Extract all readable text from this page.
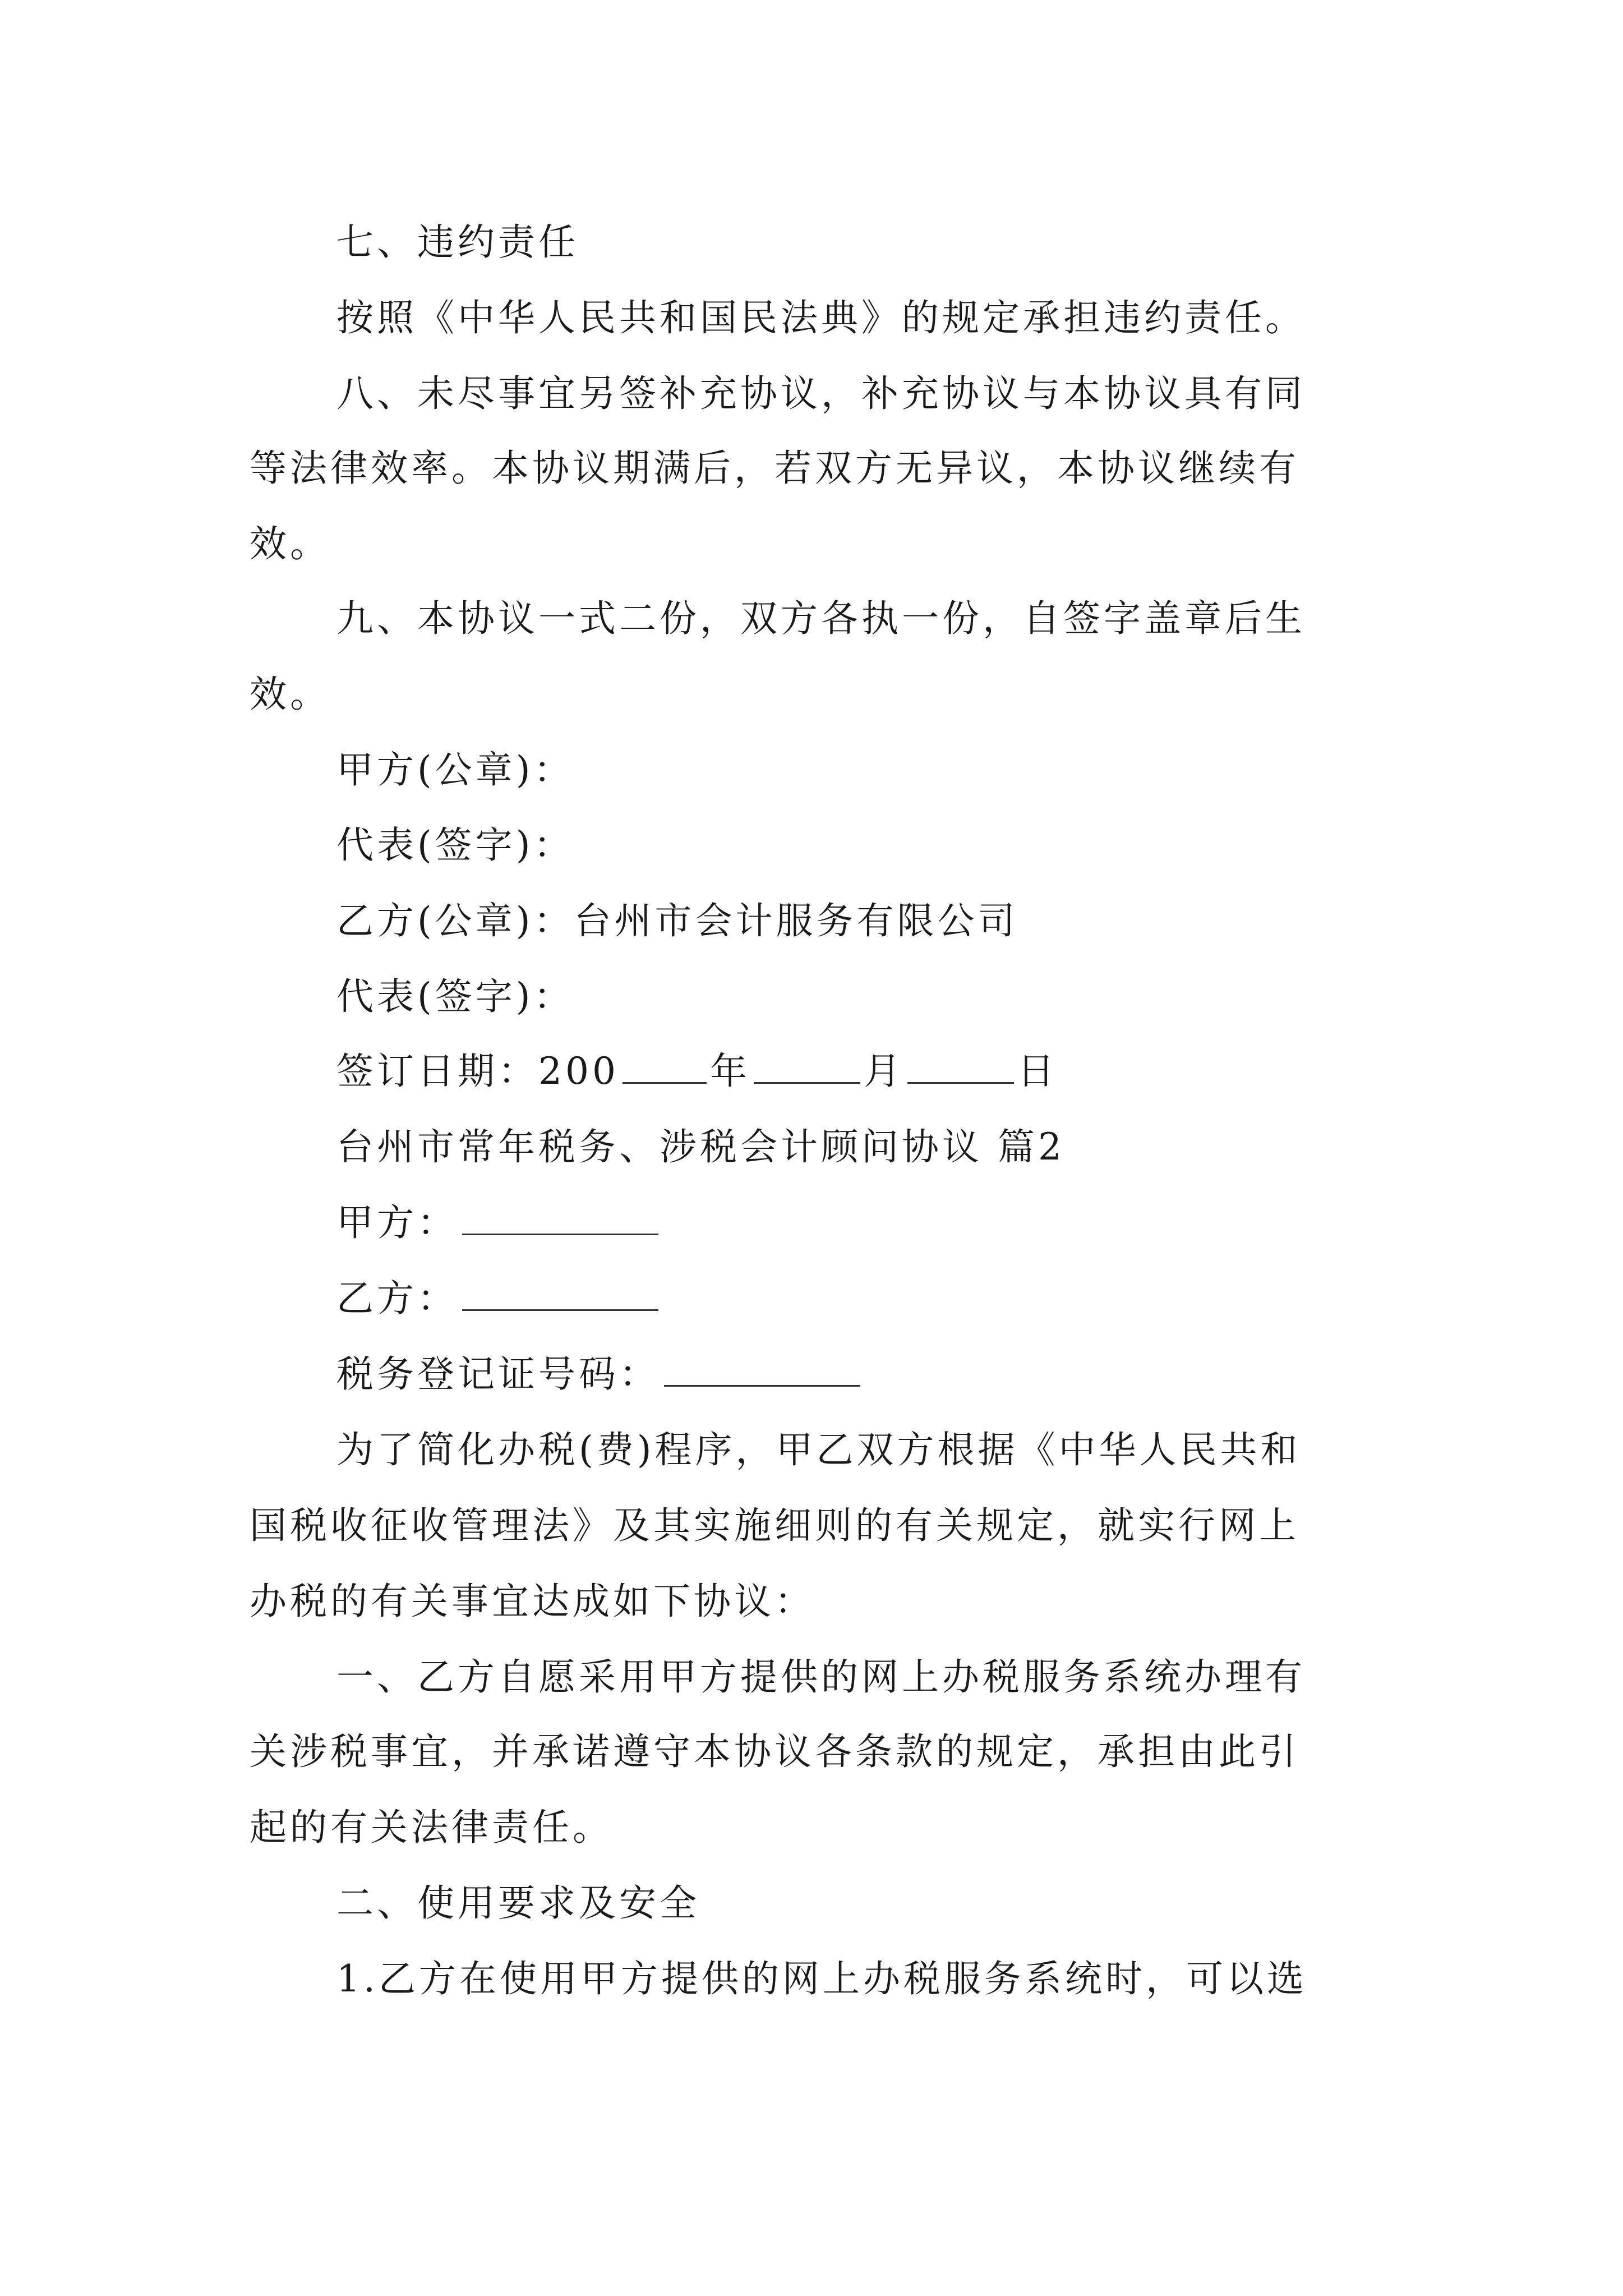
七、违约责任
按照《中华人民共和国民法典》的规定承担违约责任。
八、未尽事宜另签补充协议，补充协议与本协议具有同
等法律效率。本协议期满后，若双方无异议，本协议继续有
效。
九、本协议一式二份，双方各执一份，自签字盖章后生
效。
甲方(公章)：
代表(签字)：
乙方(公章)：台州市会计服务有限公司
代表(签字)：
签订日期：200 年	月	日
台州市常年税务、涉税会计顾问协议 篇2
甲方：
乙方：
税务登记证号码：
为了简化办税(费)程序，甲乙双方根据《中华人民共和
国税收征收管理法》及其实施细则的有关规定，就实行网上
办税的有关事宜达成如下协议：
一、乙方自愿采用甲方提供的网上办税服务系统办理有
关涉税事宜，并承诺遵守本协议各条款的规定，承担由此引
起的有关法律责任。
二、使用要求及安全
1.乙方在使用甲方提供的网上办税服务系统时，可以选
